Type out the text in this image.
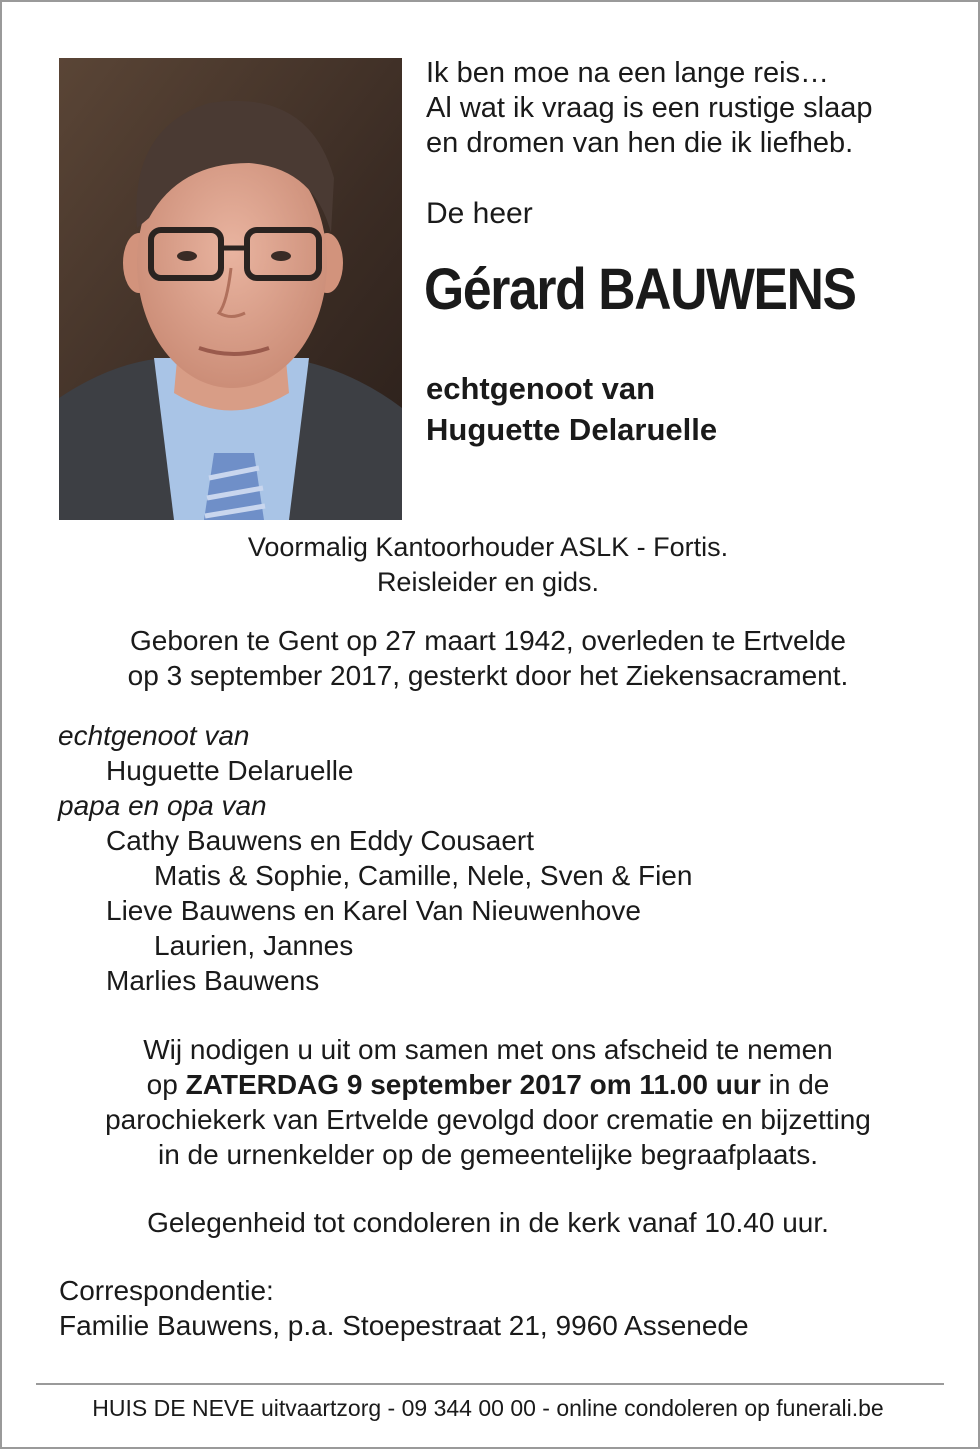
Ik ben moe na een lange reis…
Al wat ik vraag is een rustige slaap
en dromen van hen die ik liefheb.
De heer
Gérard BAUWENS
echtgenoot van
Huguette Delaruelle
Voormalig Kantoorhouder ASLK - Fortis.
Reisleider en gids.
Geboren te Gent op 27 maart 1942, overleden te Ertvelde
op 3 september 2017, gesterkt door het Ziekensacrament.
echtgenoot van
Huguette Delaruelle
papa en opa van
Cathy Bauwens en Eddy Cousaert
Matis & Sophie, Camille, Nele, Sven & Fien
Lieve Bauwens en Karel Van Nieuwenhove
Laurien, Jannes
Marlies Bauwens
Wij nodigen u uit om samen met ons afscheid te nemen
op ZATERDAG 9 september 2017 om 11.00 uur in de
parochiekerk van Ertvelde gevolgd door crematie en bijzetting
in de urnenkelder op de gemeentelijke begraafplaats.
Gelegenheid tot condoleren in de kerk vanaf 10.40 uur.
Correspondentie:
Familie Bauwens, p.a. Stoepestraat 21, 9960 Assenede
HUIS DE NEVE uitvaartzorg - 09 344 00 00 - online condoleren op funerali.be
